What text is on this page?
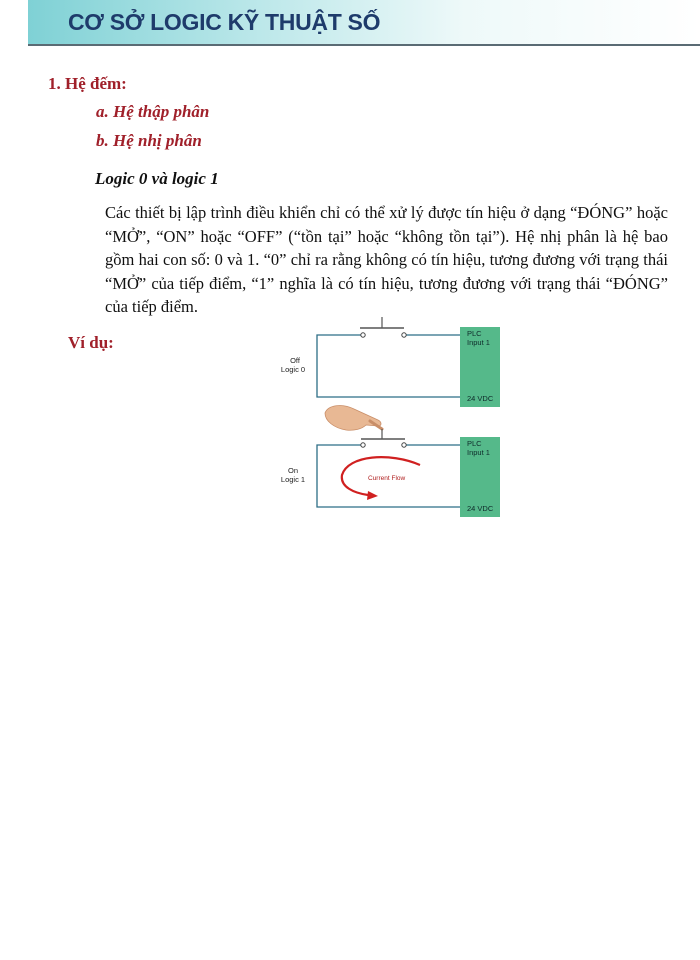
CƠ SỞ LOGIC KỸ THUẬT SỐ
1. Hệ đếm:
a. Hệ thập phân
b. Hệ nhị phân
Logic 0 và logic 1

Các thiết bị lập trình điều khiển chỉ có thể xử lý được tín hiệu ở dạng “ĐÓNG” hoặc “MỞ”, “ON” hoặc “OFF” (“tồn tại” hoặc “không tồn tại”). Hệ nhị phân là hệ bao gồm hai con số: 0 và 1. “0” chỉ ra rằng không có tín hiệu, tương đương với trạng thái “MỞ” của tiếp điểm, “1” nghĩa là có tín hiệu, tương đương với trạng thái “ĐÓNG” của tiếp điểm.

Ví dụ:	PLC
Input 1
24 VDC
Off
Logic 0
PLC
Input 1
24 VDC
On
Logic 1	Current Flow
